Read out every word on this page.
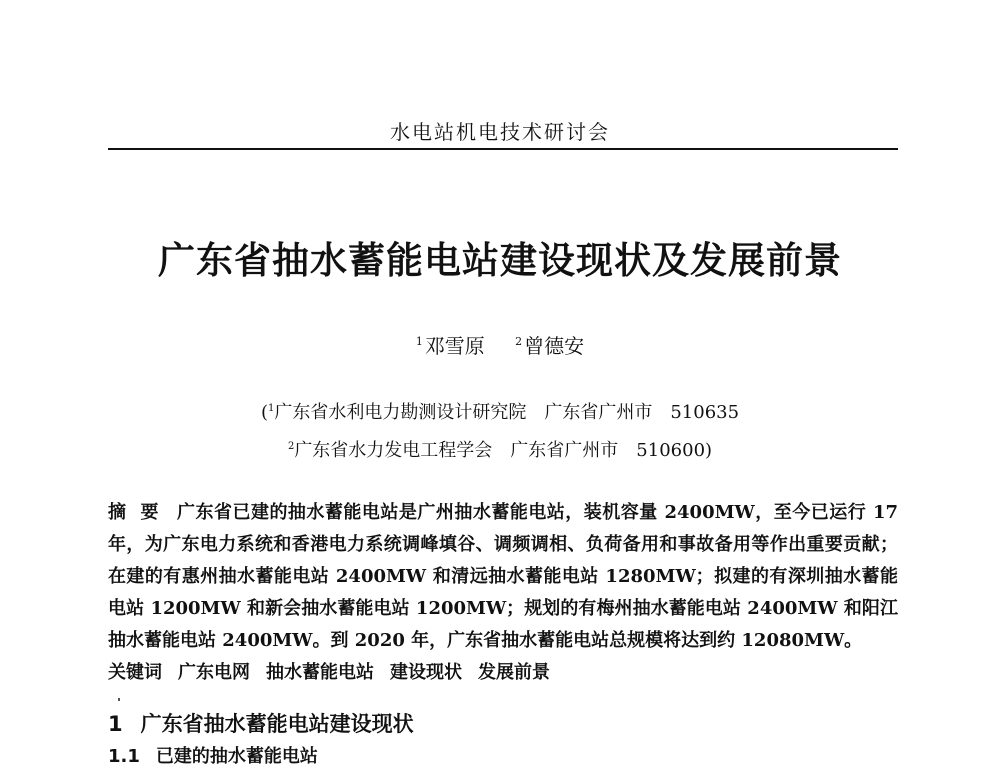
水电站机电技术研讨会
广东省抽水蓄能电站建设现状及发展前景
$^1$ 邓雪原	$^2$ 曾德安
($^1$广东省水利电力勘测设计研究院　广东省广州市　510635
$^2$广东省水力发电工程学会　广东省广州市　510600)
摘要 广东省已建的抽水蓄能电站是广州抽水蓄能电站，装机容量 2400MW，至今已运行 17 年，为广东电力系统和香港电力系统调峰填谷、调频调相、负荷备用和事故备用等作出重要贡献；在建的有惠州抽水蓄能电站 2400MW 和清远抽水蓄能电站 1280MW；拟建的有深圳抽水蓄能电站 1200MW 和新会抽水蓄能电站 1200MW；规划的有梅州抽水蓄能电站 2400MW 和阳江抽水蓄能电站 2400MW。到 2020 年，广东省抽水蓄能电站总规模将达到约 12080MW。
关键词 广东电网 抽水蓄能电站 建设现状 发展前景
1 广东省抽水蓄能电站建设现状
1.1 已建的抽水蓄能电站
